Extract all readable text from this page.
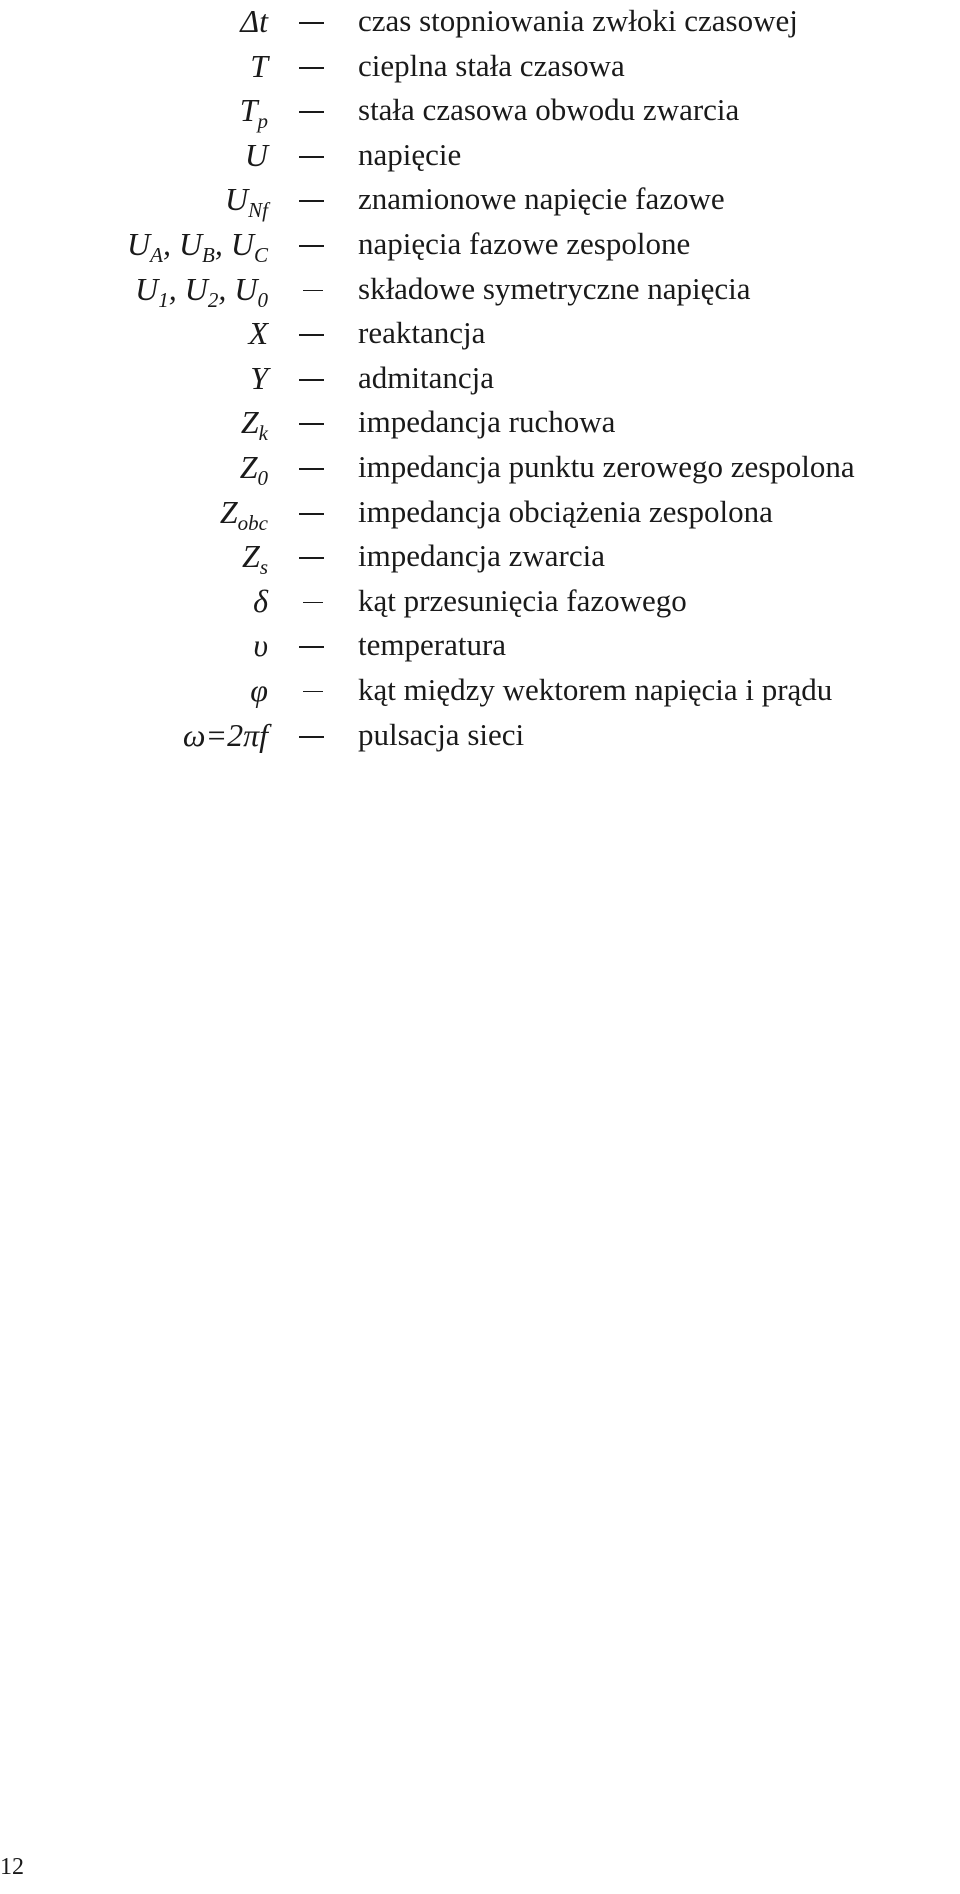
Δt	czas stopniowania zwłoki czasowej
T	cieplna stała czasowa
$T_p$	stała czasowa obwodu zwarcia
U	napięcie
$U_{Nf}$	znamionowe napięcie fazowe
$U_A$, $U_B$, $U_C$	napięcia fazowe zespolone
$U_1$, $U_2$, $U_0$	składowe symetryczne napięcia
X	reaktancja
Y	admitancja
$Z_k$	impedancja ruchowa
$Z_0$	impedancja punktu zerowego zespolona
$Z_{obc}$	impedancja obciążenia zespolona
$Z_s$	impedancja zwarcia
δ	kąt przesunięcia fazowego
υ	temperatura
φ	kąt między wektorem napięcia i prądu
ω=2πf	pulsacja sieci
12
